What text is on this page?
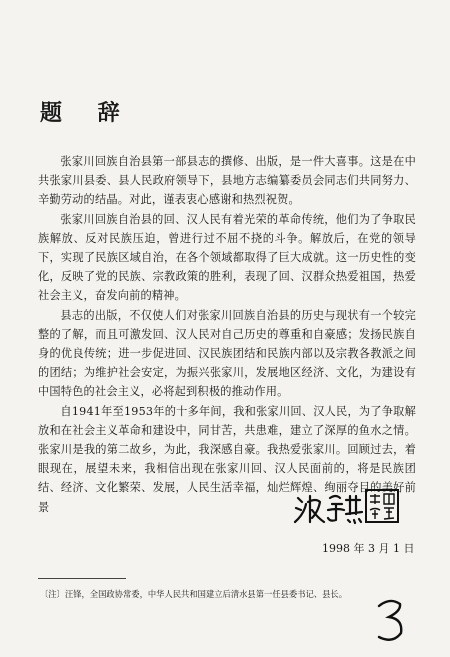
题 辞

张家川回族自治县第一部县志的撰修、出版，是一件大喜事。这是在中共张家川县委、县人民政府领导下，县地方志编纂委员会同志们共同努力、辛勤劳动的结晶。对此，谨表衷心感谢和热烈祝贺。

张家川回族自治县的回、汉人民有着光荣的革命传统，他们为了争取民族解放、反对民族压迫，曾进行过不屈不挠的斗争。解放后，在党的领导下，实现了民族区域自治，在各个领域都取得了巨大成就。这一历史性的变化，反映了党的民族、宗教政策的胜利，表现了回、汉群众热爱祖国，热爱社会主义，奋发向前的精神。

县志的出版，不仅使人们对张家川回族自治县的历史与现状有一个较完整的了解，而且可激发回、汉人民对自己历史的尊重和自豪感；发扬民族自身的优良传统；进一步促进回、汉民族团结和民族内部以及宗教各教派之间的团结；为维护社会安定，为振兴张家川，发展地区经济、文化，为建设有中国特色的社会主义，必将起到积极的推动作用。

自1941年至1953年的十多年间，我和张家川回、汉人民，为了争取解放和在社会主义革命和建设中，同甘苦，共患难，建立了深厚的鱼水之情。张家川是我的第二故乡，为此，我深感自豪。我热爱张家川。回顾过去，着眼现在，展望未来，我相信出现在张家川回、汉人民面前的，将是民族团结、经济、文化繁荣、发展，人民生活幸福，灿烂辉煌、绚丽夺目的美好前景

1998 年 3 月 1 日
〔注〕汪锋，全国政协常委，中华人民共和国建立后清水县第一任县委书记、县长。
